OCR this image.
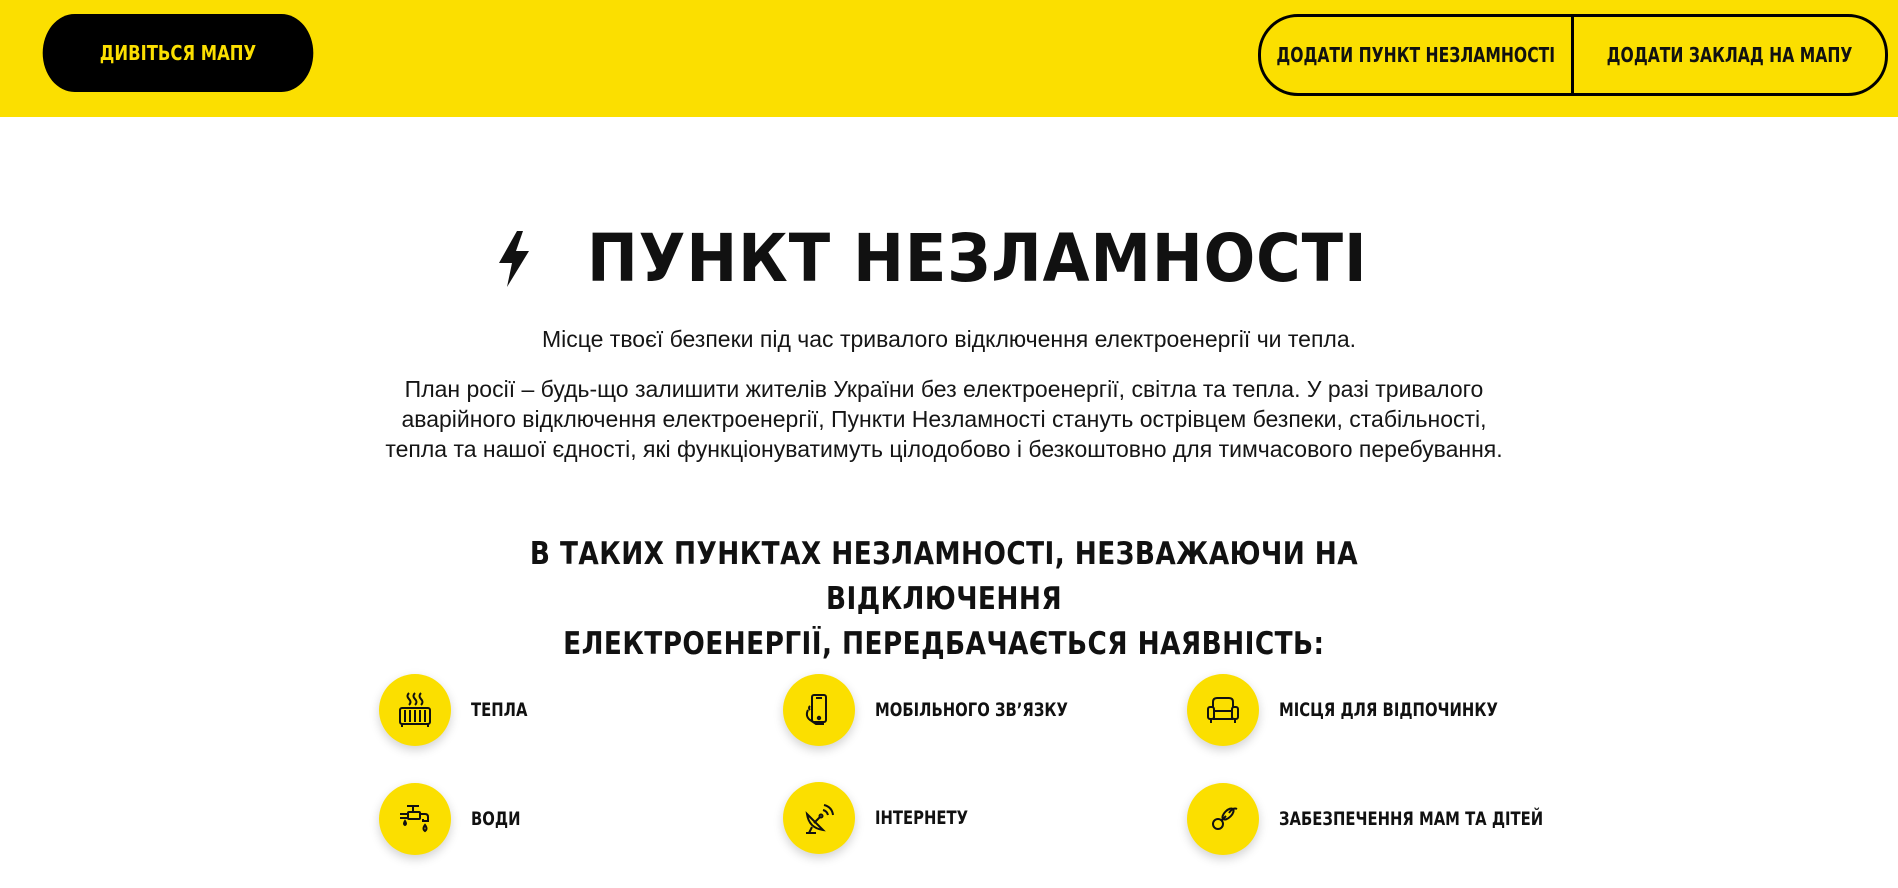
ДИВІТЬСЯ МАПУ	ДОДАТИ ПУНКТ НЕЗЛАМНОСТІ	ДОДАТИ ЗАКЛАД НА МАПУ
ПУНКТ НЕЗЛАМНОСТІ
Місце твоєї безпеки під час тривалого відключення електроенергії чи тепла.
План росії – будь-що залишити жителів України без електроенергії, світла та тепла. У разі тривалого аварійного відключення електроенергії, Пункти Незламності стануть острівцем безпеки, стабільності, тепла та нашої єдності, які функціонуватимуть цілодобово і безкоштовно для тимчасового перебування.
В ТАКИХ ПУНКТАХ НЕЗЛАМНОСТІ, НЕЗВАЖАЮЧИ НА ВІДКЛЮЧЕННЯ
ЕЛЕКТРОЕНЕРГІЇ, ПЕРЕДБАЧАЄТЬСЯ НАЯВНІСТЬ:
ТЕПЛА	МОБІЛЬНОГО ЗВ’ЯЗКУ	МІСЦЯ ДЛЯ ВІДПОЧИНКУ
ВОДИ	ІНТЕРНЕТУ	ЗАБЕЗПЕЧЕННЯ МАМ ТА ДІТЕЙ
